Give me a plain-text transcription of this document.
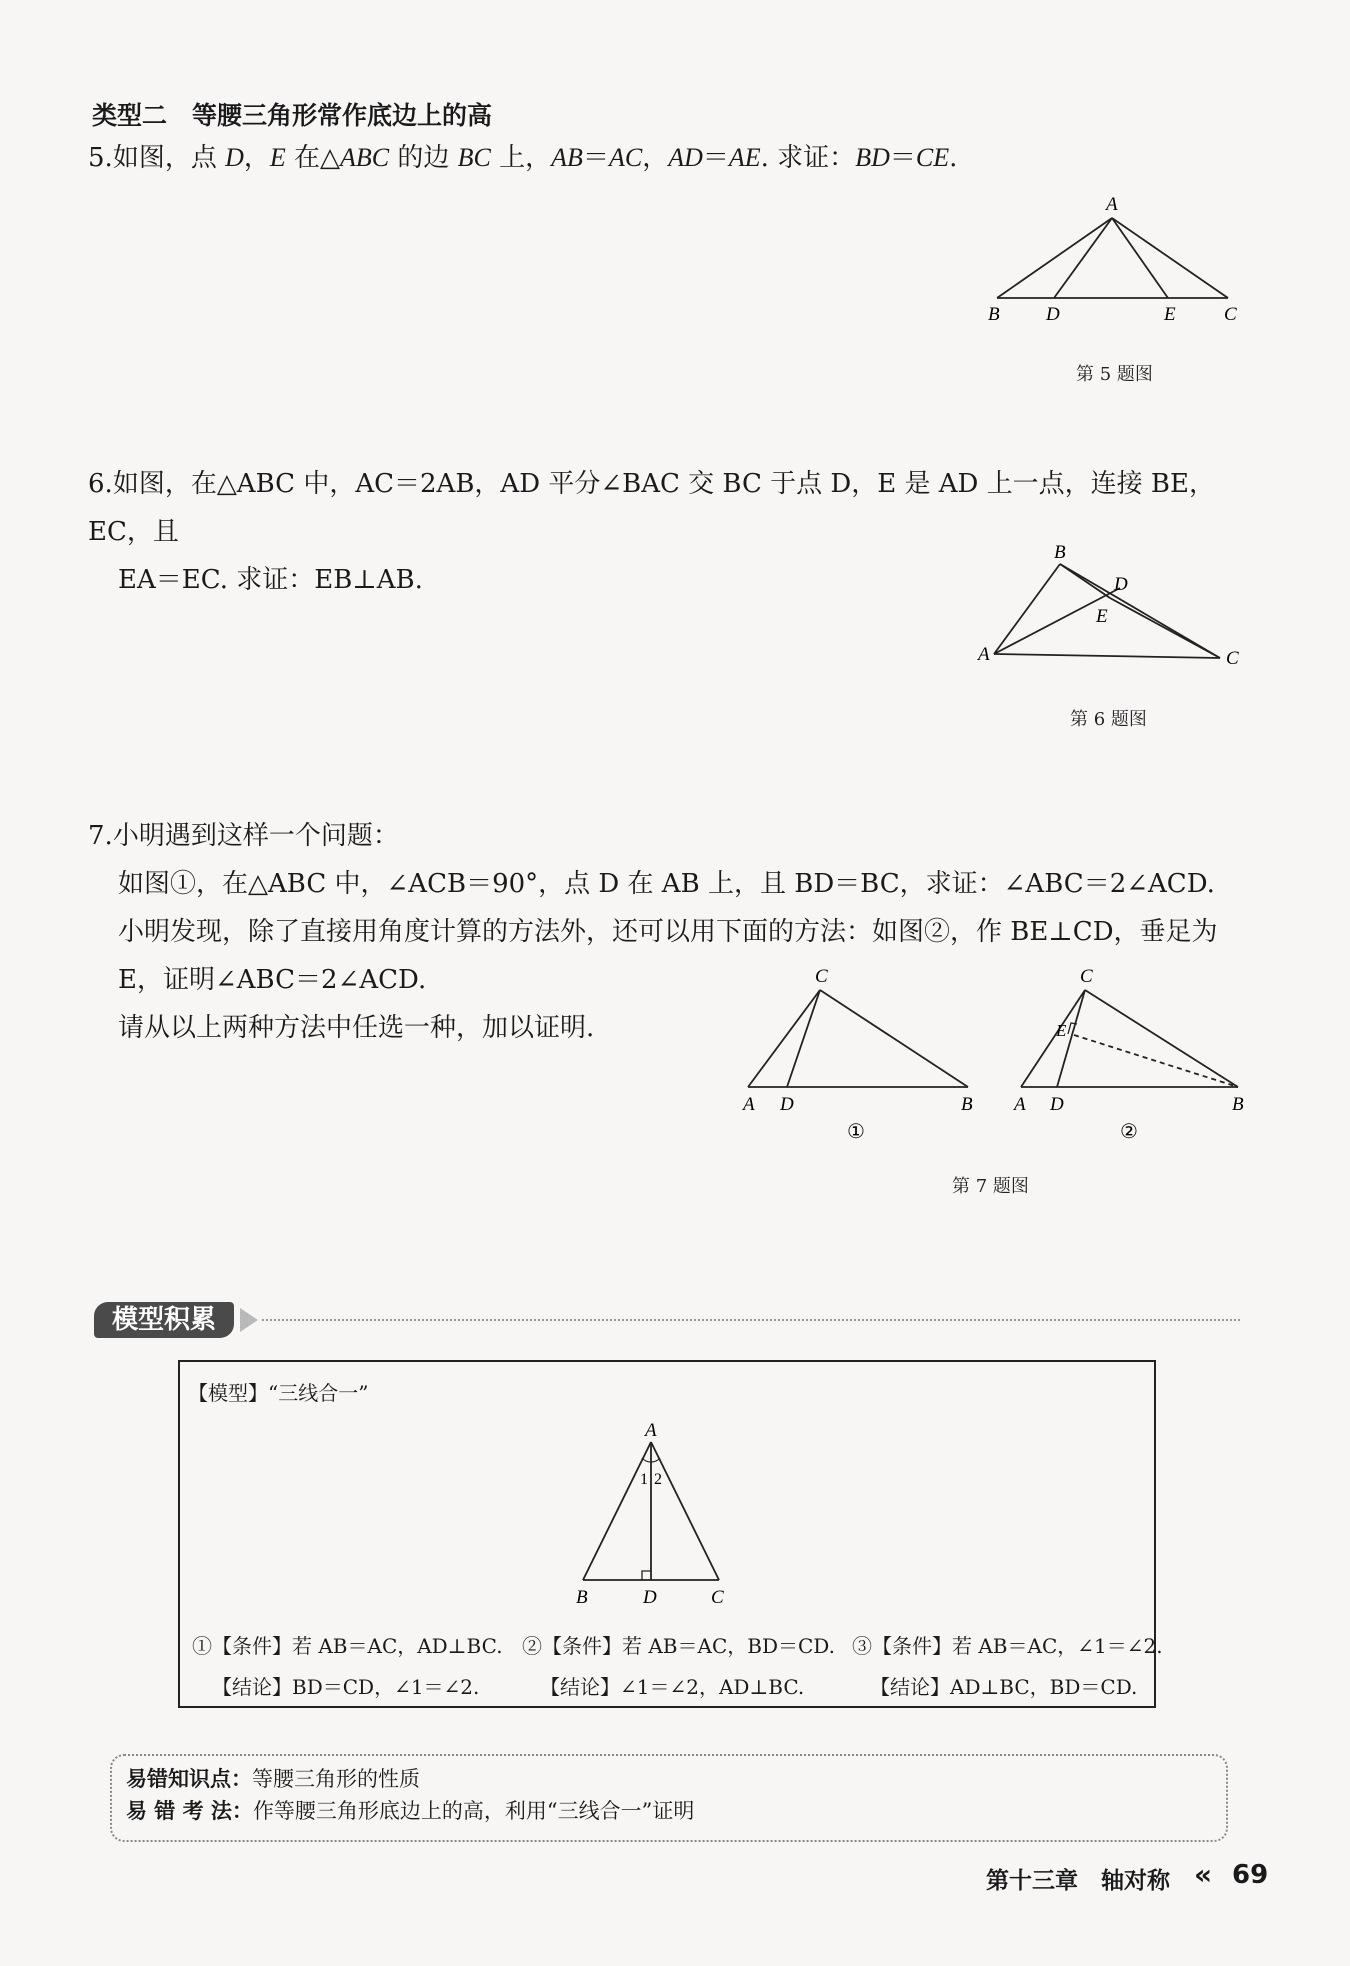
类型二　等腰三角形常作底边上的高
5.如图，点 D，E 在△ABC 的边 BC 上，AB＝AC，AD＝AE. 求证：BD＝CE.
A
B D	E	C
第 5 题图
6.如图，在△ABC 中，AC＝2AB，AD 平分∠BAC 交 BC 于点 D，E 是 AD 上一点，连接 BE，EC，且
EA＝EC. 求证：EB⊥AB.
B
D
E
A	C
第 6 题图
7.小明遇到这样一个问题：
如图①，在△ABC 中，∠ACB＝90°，点 D 在 AB 上，且 BD＝BC，求证：∠ABC＝2∠ACD.
小明发现，除了直接用角度计算的方法外，还可以用下面的方法：如图②，作 BE⊥CD，垂足为
E，证明∠ABC＝2∠ACD.
请从以上两种方法中任选一种，加以证明.
C
A D	B
①
C
E
A D	B
②
第 7 题图
模型积累
【模型】“三线合一”
A
1 2
B	D	C
①【条件】若 AB＝AC，AD⊥BC.
【结论】BD＝CD，∠1＝∠2.
②【条件】若 AB＝AC，BD＝CD.
【结论】∠1＝∠2，AD⊥BC.
③【条件】若 AB＝AC，∠1＝∠2.
【结论】AD⊥BC，BD＝CD.
易错知识点：等腰三角形的性质
易 错 考 法：作等腰三角形底边上的高，利用“三线合一”证明
第十三章　轴对称 « 69
